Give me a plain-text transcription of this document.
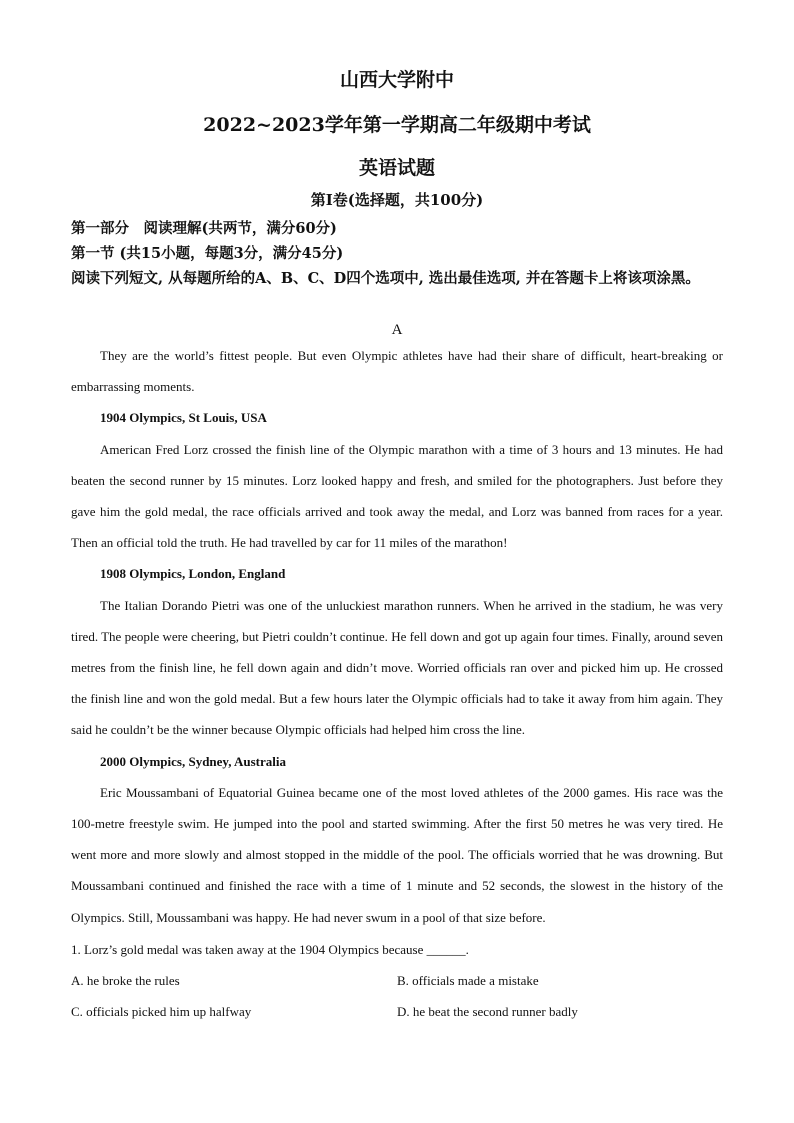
山西大学附中
2022~2023学年第一学期高二年级期中考试
英语试题
第Ⅰ卷(选择题，共100分)
第一部分　阅读理解(共两节，满分60分)
第一节 (共15小题，每题3分，满分45分)
阅读下列短文, 从每题所给的A、B、C、D四个选项中, 选出最佳选项, 并在答题卡上将该项涂黑。
A

They are the world’s fittest people. But even Olympic athletes have had their share of difficult, heart-breaking or embarrassing moments.

1904 Olympics, St Louis, USA

American Fred Lorz crossed the finish line of the Olympic marathon with a time of 3 hours and 13 minutes. He had beaten the second runner by 15 minutes. Lorz looked happy and fresh, and smiled for the photographers. Just before they gave him the gold medal, the race officials arrived and took away the medal, and Lorz was banned from races for a year. Then an official told the truth. He had travelled by car for 11 miles of the marathon!

1908 Olympics, London, England

The Italian Dorando Pietri was one of the unluckiest marathon runners. When he arrived in the stadium, he was very tired. The people were cheering, but Pietri couldn’t continue. He fell down and got up again four times. Finally, around seven metres from the finish line, he fell down again and didn’t move. Worried officials ran over and picked him up. He crossed the finish line and won the gold medal. But a few hours later the Olympic officials had to take it away from him again. They said he couldn’t be the winner because Olympic officials had helped him cross the line.

2000 Olympics, Sydney, Australia

Eric Moussambani of Equatorial Guinea became one of the most loved athletes of the 2000 games. His race was the 100-metre freestyle swim. He jumped into the pool and started swimming. After the first 50 metres he was very tired. He went more and more slowly and almost stopped in the middle of the pool. The officials worried that he was drowning. But Moussambani continued and finished the race with a time of 1 minute and 52 seconds, the slowest in the history of the Olympics. Still, Moussambani was happy. He had never swum in a pool of that size before.

1. Lorz’s gold medal was taken away at the 1904 Olympics because ______.
A. he broke the rules	B. officials made a mistake
C. officials picked him up halfway	D. he beat the second runner badly
